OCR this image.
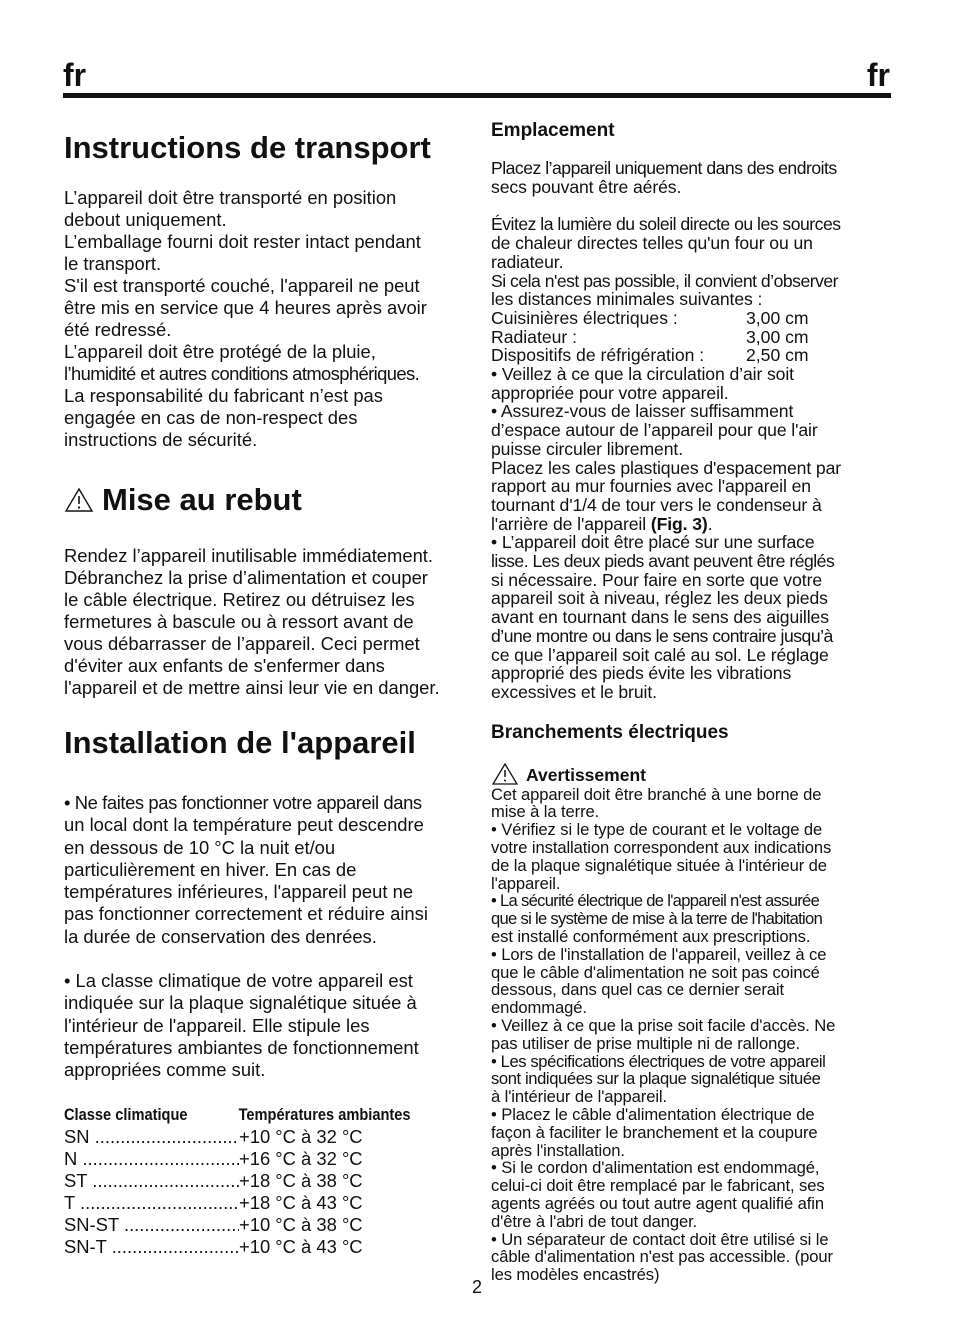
fr	fr
Instructions de transport

L’appareil doit être transporté en position

debout uniquement.

L’emballage fourni doit rester intact pendant

le transport.

S'il est transporté couché, l'appareil ne peut

être mis en service que 4 heures après avoir

été redressé.

L’appareil doit être protégé de la pluie,

l’humidité et autres conditions atmosphériques.

La responsabilité du fabricant n’est pas

engagée en cas de non-respect des

instructions de sécurité.

Mise au rebut

Rendez l’appareil inutilisable immédiatement.

Débranchez la prise d’alimentation et couper

le câble électrique. Retirez ou détruisez les

fermetures à bascule ou à ressort avant de

vous débarrasser de l’appareil. Ceci permet

d'éviter aux enfants de s'enfermer dans

l'appareil et de mettre ainsi leur vie en danger.

Installation de l'appareil

• Ne faites pas fonctionner votre appareil dans

un local dont la température peut descendre

en dessous de 10 °C la nuit et/ou

particulièrement en hiver. En cas de

températures inférieures, l'appareil peut ne

pas fonctionner correctement et réduire ainsi

la durée de conservation des denrées.

• La classe climatique de votre appareil est

indiquée sur la plaque signalétique située à

l'intérieur de l'appareil. Elle stipule les

températures ambiantes de fonctionnement

appropriées comme suit.

Classe climatique	Températures ambiantes
SN .....	+10 °C à 32 °C
N .....	+16 °C à 32 °C
ST .....	+18 °C à 38 °C
T .....	+18 °C à 43 °C
SN-ST .....	+10 °C à 38 °C
SN-T .....	+10 °C à 43 °C
Emplacement

Placez l’appareil uniquement dans des endroits

secs pouvant être aérés.

Évitez la lumière du soleil directe ou les sources

de chaleur directes telles qu'un four ou un

radiateur.

Si cela n'est pas possible, il convient d’observer

les distances minimales suivantes :

Cuisinières électriques :	3,00 cm
Radiateur :	3,00 cm
Dispositifs de réfrigération :	2,50 cm

• Veillez à ce que la circulation d’air soit

appropriée pour votre appareil.

• Assurez-vous de laisser suffisamment

d’espace autour de l’appareil pour que l'air

puisse circuler librement.

Placez les cales plastiques d'espacement par

rapport au mur fournies avec l'appareil en

tournant d'1/4 de tour vers le condenseur à

l'arrière de l'appareil (Fig. 3).

• L’appareil doit être placé sur une surface

lisse. Les deux pieds avant peuvent être réglés

si nécessaire. Pour faire en sorte que votre

appareil soit à niveau, réglez les deux pieds

avant en tournant dans le sens des aiguilles

d’une montre ou dans le sens contraire jusqu’à

ce que l’appareil soit calé au sol. Le réglage

approprié des pieds évite les vibrations

excessives et le bruit.

Branchements électriques
Avertissement

Cet appareil doit être branché à une borne de

mise à la terre.

• Vérifiez si le type de courant et le voltage de

votre installation correspondent aux indications

de la plaque signalétique située à l'intérieur de

l'appareil.

• La sécurité électrique de l'appareil n'est assurée

que si le système de mise à la terre de l'habitation

est installé conformément aux prescriptions.

• Lors de l'installation de l'appareil, veillez à ce

que le câble d'alimentation ne soit pas coincé

dessous, dans quel cas ce dernier serait

endommagé.

• Veillez à ce que la prise soit facile d'accès. Ne

pas utiliser de prise multiple ni de rallonge.

• Les spécifications électriques de votre appareil

sont indiquées sur la plaque signalétique située

à l'intérieur de l'appareil.

• Placez le câble d'alimentation électrique de

façon à faciliter le branchement et la coupure

après l'installation.

• Si le cordon d'alimentation est endommagé,

celui-ci doit être remplacé par le fabricant, ses

agents agréés ou tout autre agent qualifié afin

d'être à l'abri de tout danger.

• Un séparateur de contact doit être utilisé si le

câble d'alimentation n'est pas accessible. (pour

les modèles encastrés)

2
